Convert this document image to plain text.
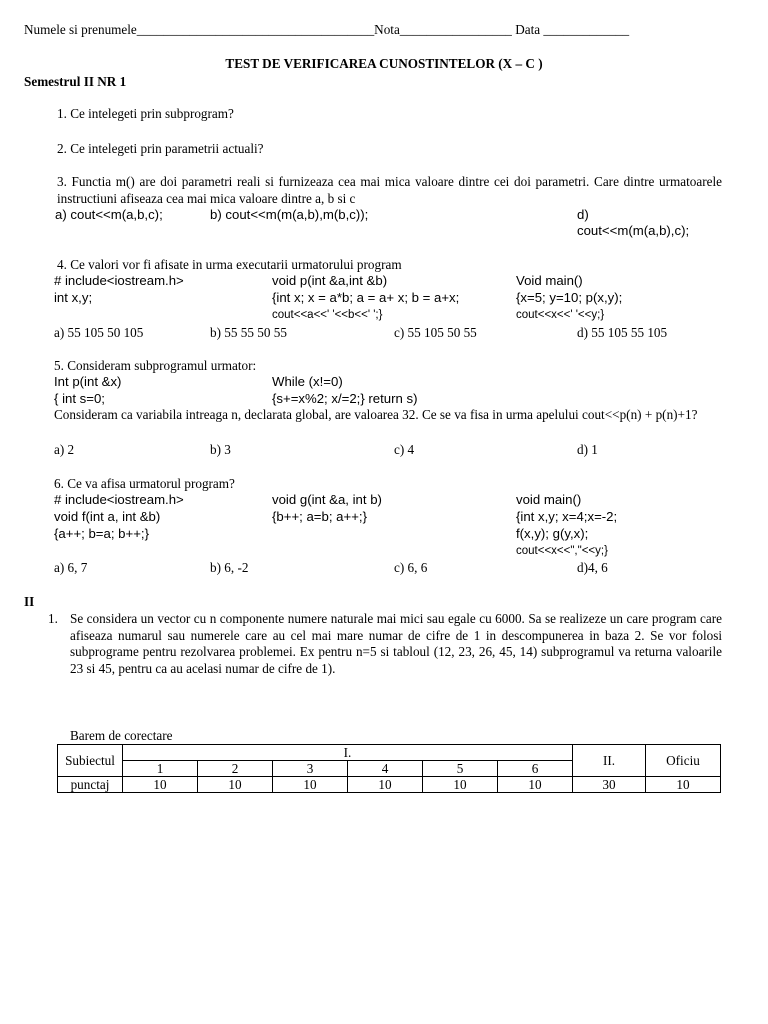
Numele si prenumele____________________________________Nota_________________ Data _____________
TEST DE VERIFICAREA CUNOSTINTELOR (X – C )
Semestrul II NR 1
1. Ce intelegeti prin subprogram?
2. Ce intelegeti prin parametrii actuali?
3. Functia m() are doi parametri reali si furnizeaza cea mai mica valoare dintre cei doi parametri. Care dintre urmatoarele instructiuni afiseaza cea mai mica valoare dintre a, b si c
a) cout<<m(a,b,c);	b) cout<<m(m(a,b),m(b,c));	d)
cout<<m(m(a,b),c);
4. Ce valori vor fi afisate in urma executarii urmatorului program
# include<iostream.h>
int x,y;
void p(int &a,int &b)
{int x; x = a*b; a = a+ x; b = a+x;
cout<<a<<' '<<b<<' ';}
Void main()
{x=5; y=10; p(x,y);
cout<<x<<' '<<y;}
a) 55 105 50 105	b) 55 55 50 55	c) 55 105 50 55	d) 55 105 55 105
5. Consideram subprogramul urmator:
Int p(int &x)
{ int s=0;
While (x!=0)
{s+=x%2; x/=2;} return s)
Consideram ca variabila intreaga n, declarata global, are valoarea 32. Ce se va fisa in urma apelului cout<<p(n) + p(n)+1?
a) 2	b) 3	c) 4	d) 1
6. Ce va afisa urmatorul program?
# include<iostream.h>
void f(int a, int &b)
{a++; b=a; b++;}
void g(int &a, int b)
{b++; a=b; a++;}
void main()
{int x,y; x=4;x=-2;
f(x,y); g(y,x);
cout<<x<<","<<y;}
a) 6, 7	b) 6, -2	c) 6, 6	d)4, 6
II
1. Se considera un vector cu n componente numere naturale mai mici sau egale cu 6000. Sa se realizeze un care program care afiseaza numarul sau numerele care au cel mai mare numar de cifre de 1 in descompunerea in baza 2. Se vor folosi subprograme pentru rezolvarea problemei. Ex pentru n=5 si tabloul (12, 23, 26, 45, 14) subprogramul va returna valoarile 23 si 45, pentru ca au acelasi numar de cifre de 1).
Barem de corectare
Subiectul	I.						II.	Oficiu
	1	2	3	4	5	6		
punctaj	10	10	10	10	10	10	30	10
